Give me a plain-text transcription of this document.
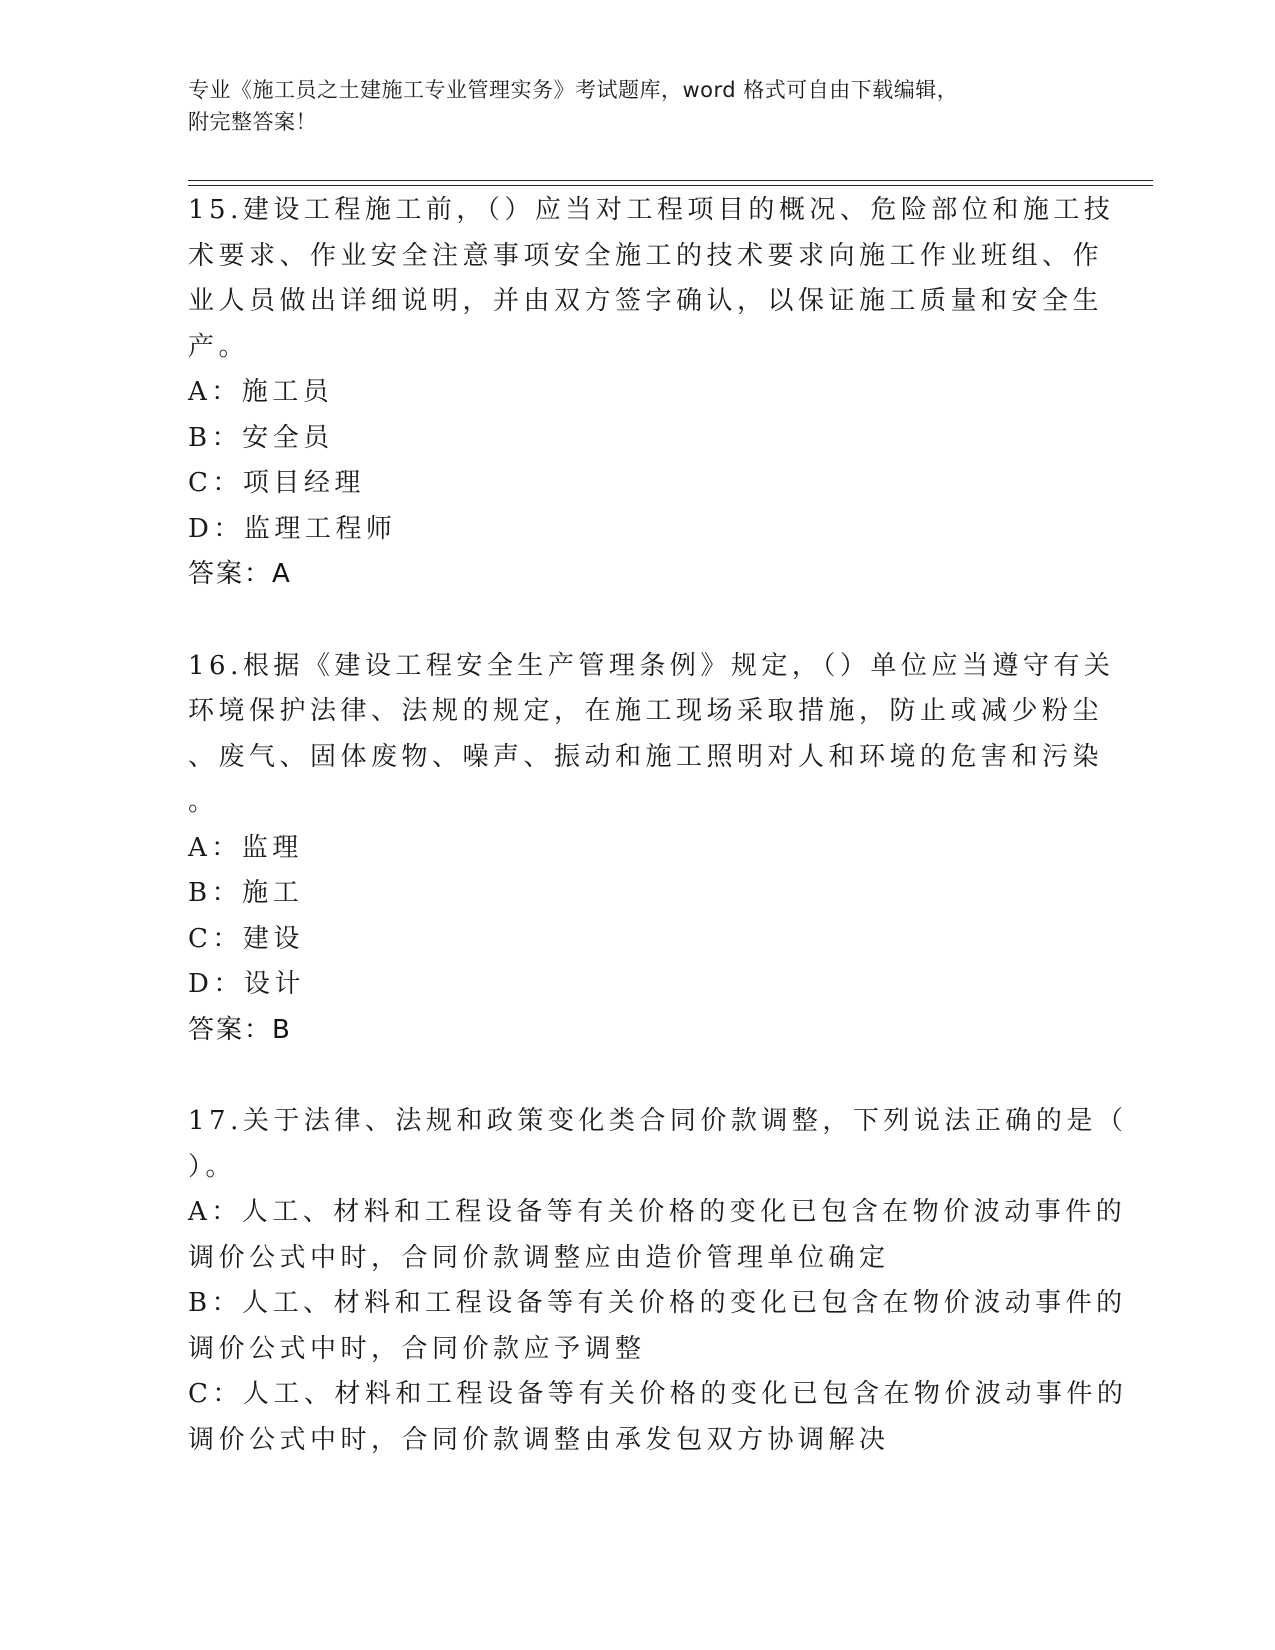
专业《施工员之土建施工专业管理实务》考试题库，word 格式可自由下载编辑，
附完整答案！
15.建设工程施工前，（）应当对工程项目的概况、危险部位和施工技
术要求、作业安全注意事项安全施工的技术要求向施工作业班组、作
业人员做出详细说明，并由双方签字确认，以保证施工质量和安全生
产。
A：施工员
B：安全员
C：项目经理
D：监理工程师
答案：A
16.根据《建设工程安全生产管理条例》规定，（）单位应当遵守有关
环境保护法律、法规的规定，在施工现场采取措施，防止或减少粉尘
、废气、固体废物、噪声、振动和施工照明对人和环境的危害和污染
。
A：监理
B：施工
C：建设
D：设计
答案：B
17.关于法律、法规和政策变化类合同价款调整，下列说法正确的是（
）。
A：人工、材料和工程设备等有关价格的变化已包含在物价波动事件的
调价公式中时，合同价款调整应由造价管理单位确定
B：人工、材料和工程设备等有关价格的变化已包含在物价波动事件的
调价公式中时，合同价款应予调整
C：人工、材料和工程设备等有关价格的变化已包含在物价波动事件的
调价公式中时，合同价款调整由承发包双方协调解决
